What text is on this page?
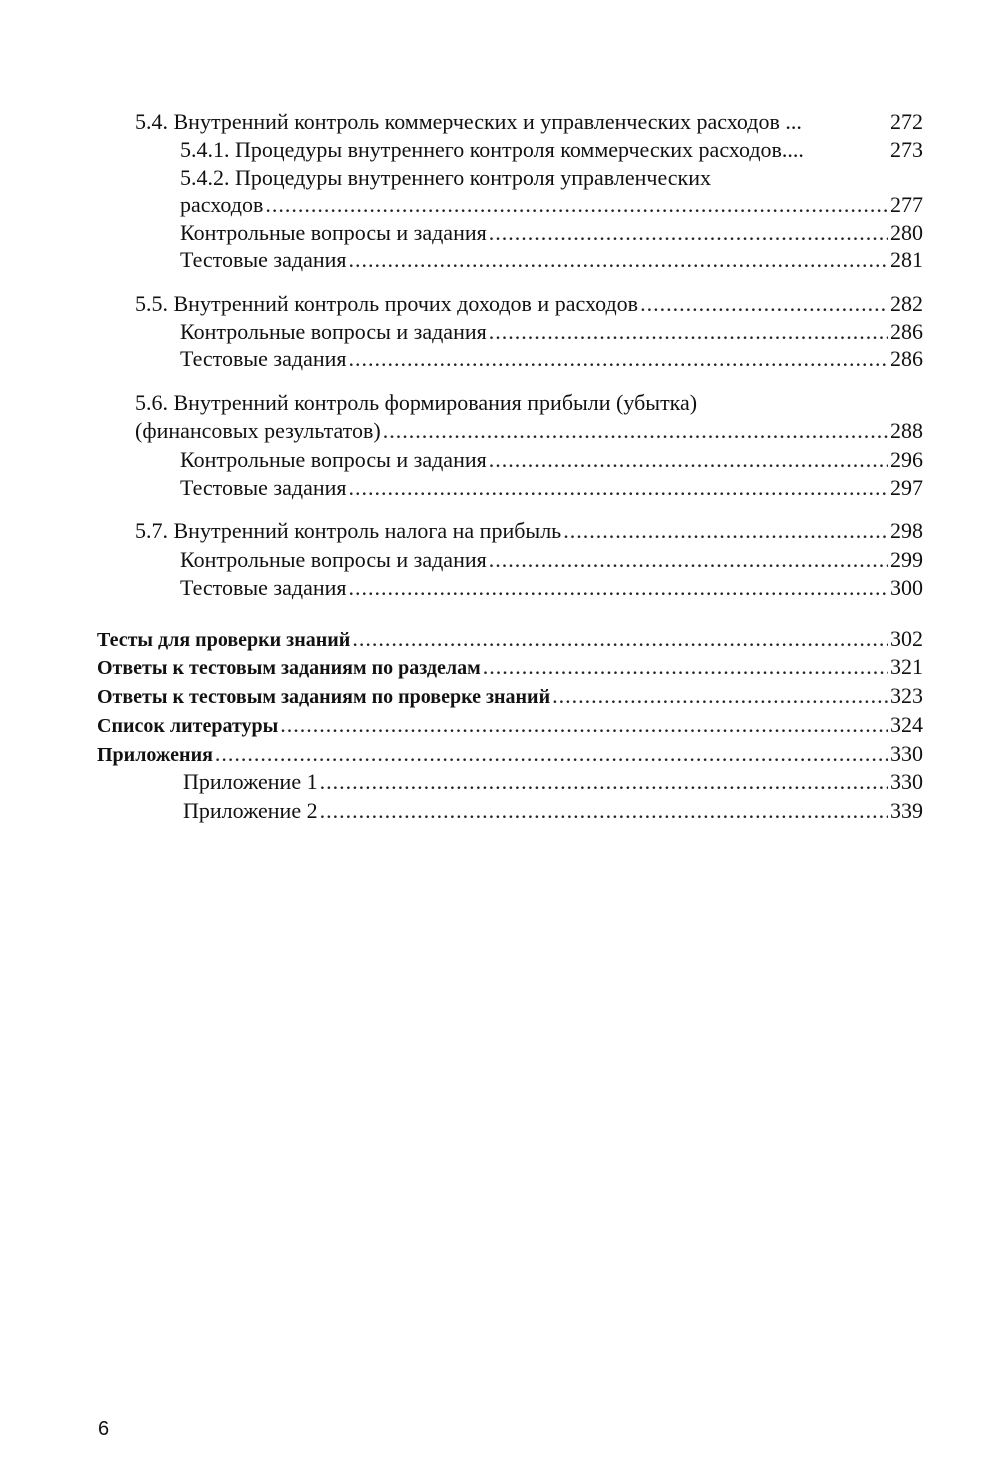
5.4. Внутренний контроль коммерческих и управленческих расходов ...	272
5.4.1. Процедуры внутреннего контроля коммерческих расходов....	273
5.4.2. Процедуры внутреннего контроля управленческих
расходов .....	277
Контрольные вопросы и задания .....	280
Тестовые задания .....	281
5.5. Внутренний контроль прочих доходов и расходов .....	282
Контрольные вопросы и задания .....	286
Тестовые задания .....	286
5.6. Внутренний контроль формирования прибыли (убытка)
(финансовых результатов) .....	288
Контрольные вопросы и задания .....	296
Тестовые задания .....	297
5.7. Внутренний контроль налога на прибыль .....	298
Контрольные вопросы и задания .....	299
Тестовые задания .....	300
Тесты для проверки знаний .....	302
Ответы к тестовым заданиям по разделам .....	321
Ответы к тестовым заданиям по проверке знаний .....	323
Список литературы .....	324
Приложения .....	330
Приложение 1 .....	330
Приложение 2 .....	339
6
